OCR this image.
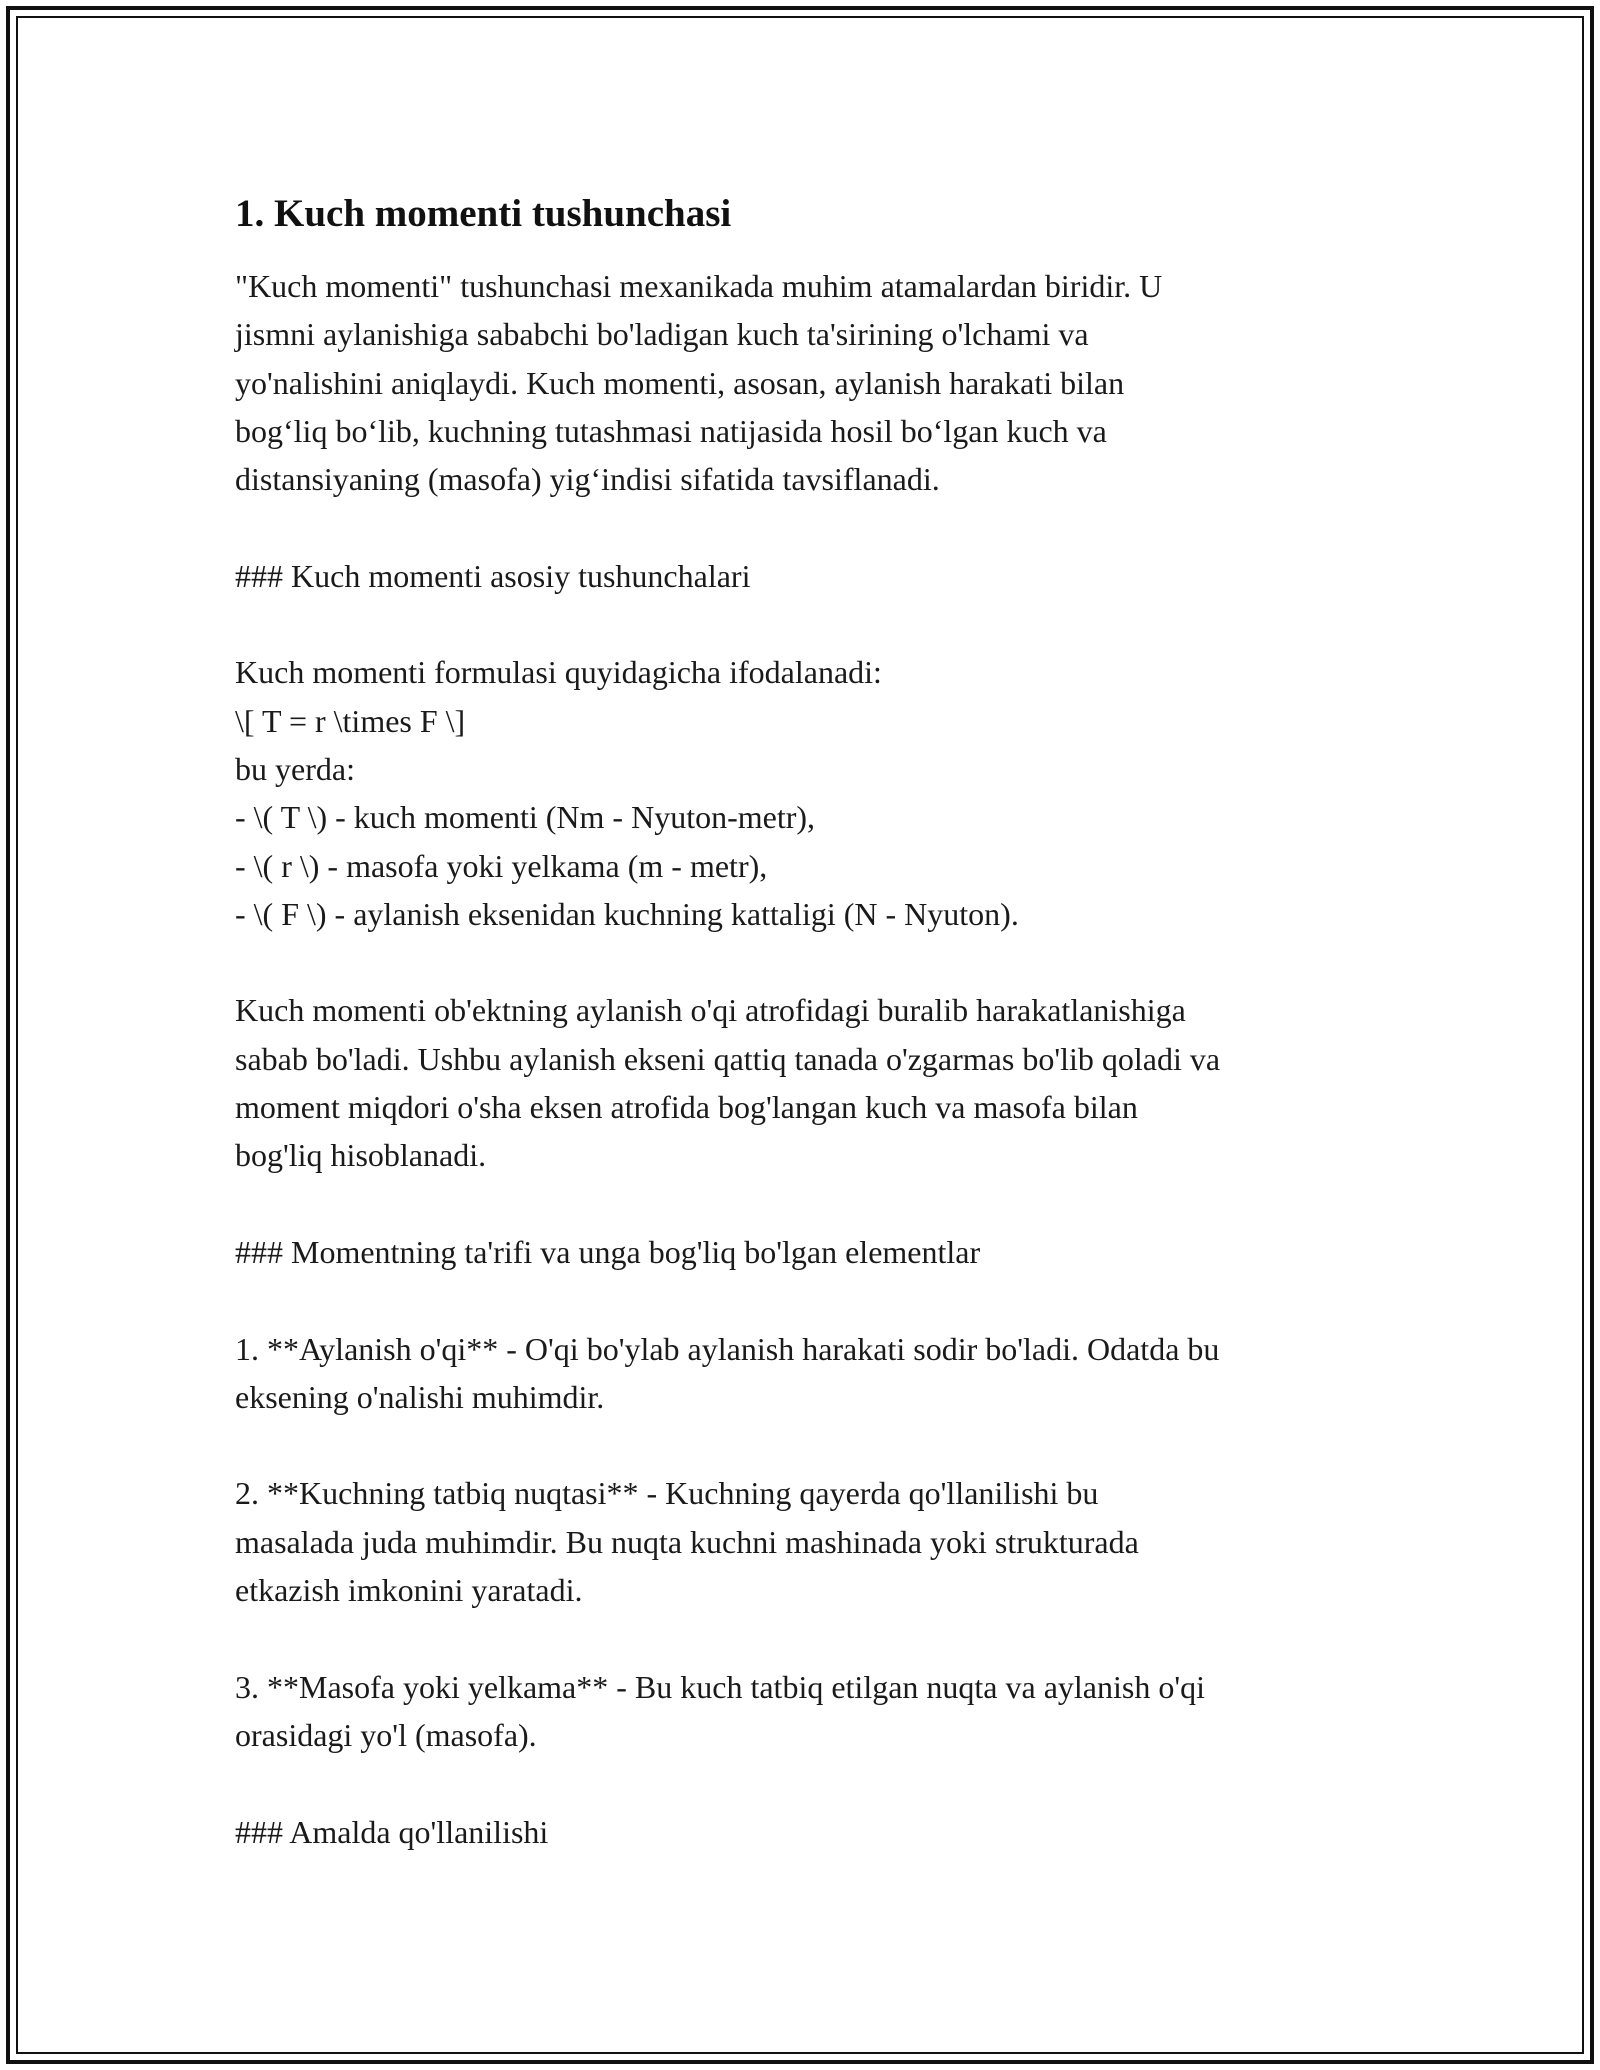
1. Kuch momenti tushunchasi

"Kuch momenti" tushunchasi mexanikada muhim atamalardan biridir. U
jismni aylanishiga sababchi bo'ladigan kuch ta'sirining o'lchami va
yo'nalishini aniqlaydi. Kuch momenti, asosan, aylanish harakati bilan
bog‘liq bo‘lib, kuchning tutashmasi natijasida hosil bo‘lgan kuch va
distansiyaning (masofa) yig‘indisi sifatida tavsiflanadi.

### Kuch momenti asosiy tushunchalari

Kuch momenti formulasi quyidagicha ifodalanadi:
\[ T = r \times F \]
bu yerda:
- \( T \) - kuch momenti (Nm - Nyuton-metr),
- \( r \) - masofa yoki yelkama (m - metr),
- \( F \) - aylanish eksenidan kuchning kattaligi (N - Nyuton).

Kuch momenti ob'ektning aylanish o'qi atrofidagi buralib harakatlanishiga
sabab bo'ladi. Ushbu aylanish ekseni qattiq tanada o'zgarmas bo'lib qoladi va
moment miqdori o'sha eksen atrofida bog'langan kuch va masofa bilan
bog'liq hisoblanadi.

### Momentning ta'rifi va unga bog'liq bo'lgan elementlar

1. **Aylanish o'qi** - O'qi bo'ylab aylanish harakati sodir bo'ladi. Odatda bu
eksening o'nalishi muhimdir.

2. **Kuchning tatbiq nuqtasi** - Kuchning qayerda qo'llanilishi bu
masalada juda muhimdir. Bu nuqta kuchni mashinada yoki strukturada
etkazish imkonini yaratadi.

3. **Masofa yoki yelkama** - Bu kuch tatbiq etilgan nuqta va aylanish o'qi
orasidagi yo'l (masofa).

### Amalda qo'llanilishi
